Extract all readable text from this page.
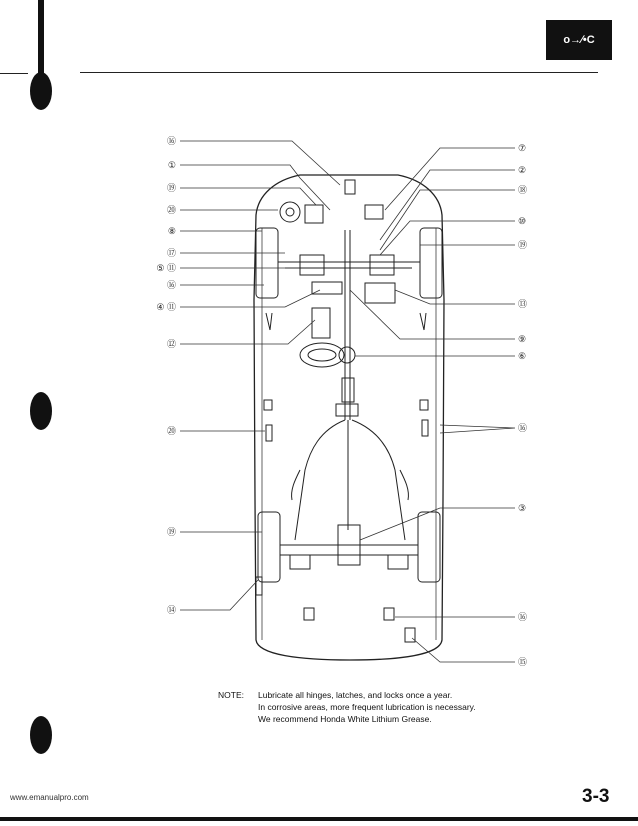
o→∕•C
⑯
①
⑲
⑳
⑧
⑰
⑤ ⑪
⑯
④ ⑪
⑫
⑳
⑲
⑭
⑦
②
⑱
⑩
⑲
⑬
⑨
⑥
⑯
③
⑯
⑮
NOTE: Lubricate all hinges, latches, and locks once a year.
In corrosive areas, more frequent lubrication is necessary.
We recommend Honda White Lithium Grease.
www.emanualpro.com	3-3
